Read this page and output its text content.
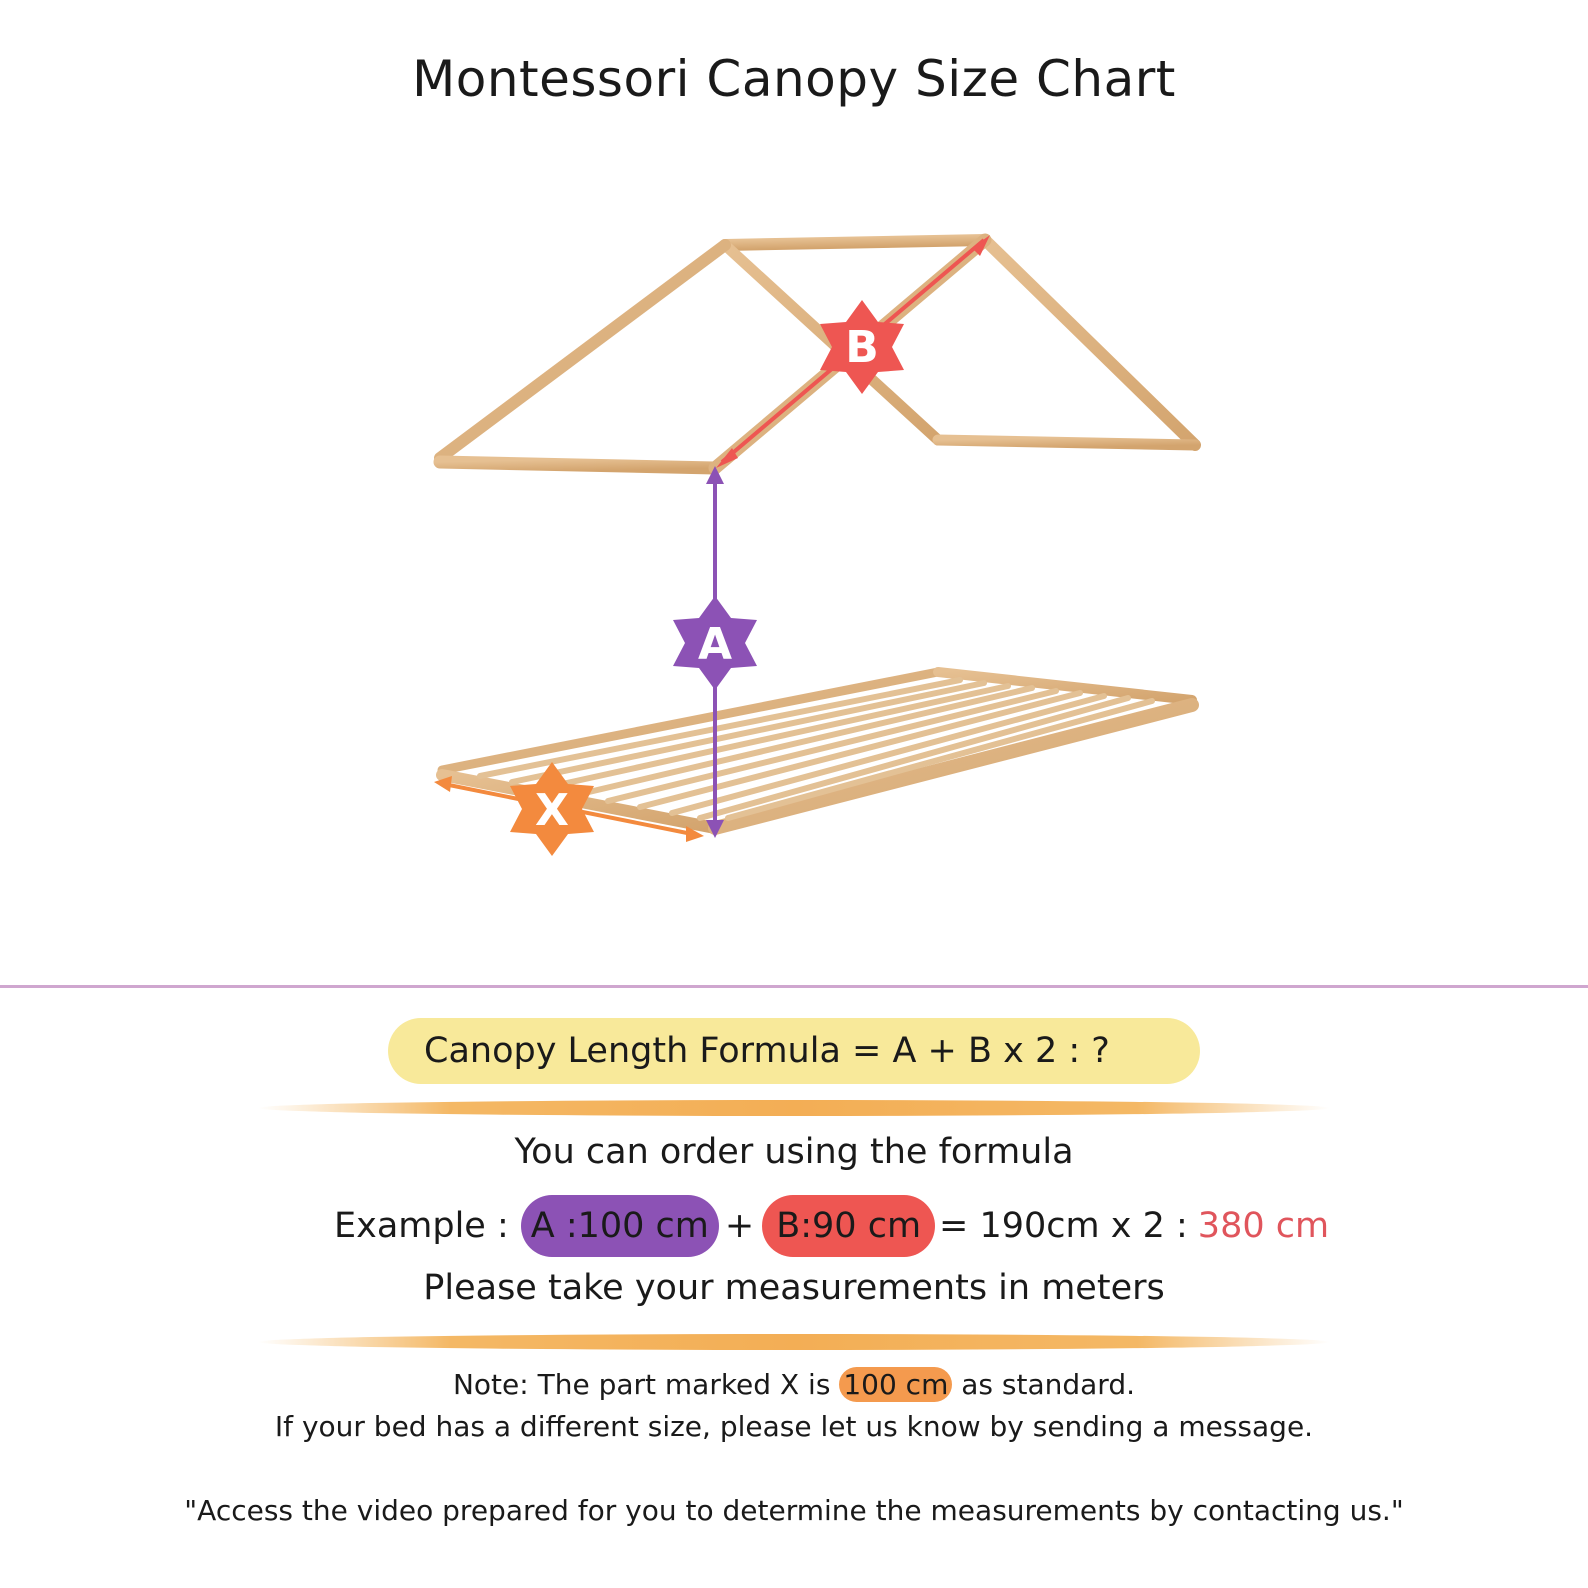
Montessori Canopy Size Chart
B
A
X
Canopy Length Formula = A + B x 2 : ?
You can order using the formula
Example : A :100 cm + B:90 cm = 190cm x 2 : 380 cm
Please take your measurements in meters
Note: The part marked X is 100 cm as standard.
If your bed has a different size, please let us know by sending a message.
"Access the video prepared for you to determine the measurements by contacting us."
